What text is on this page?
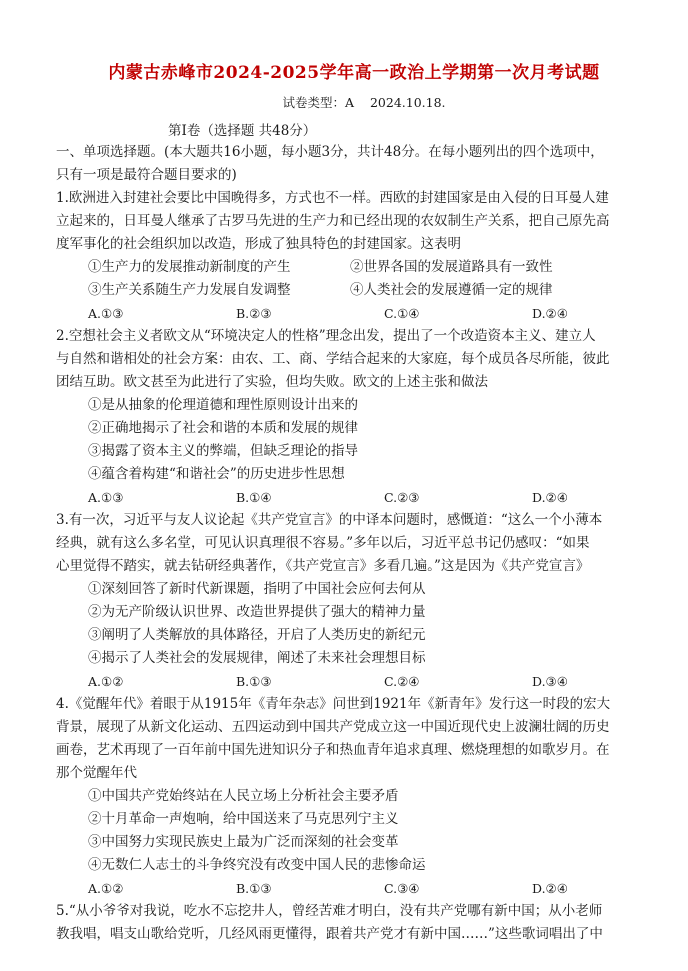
内蒙古赤峰市2024-2025学年高一政治上学期第一次月考试题
试卷类型：A 2024.10.18.
第Ⅰ卷（选择题 共48分）

一、单项选择题。(本大题共16小题，每小题3分，共计48分。在每小题列出的四个选项中，

只有一项是最符合题目要求的)

1.欧洲进入封建社会要比中国晚得多，方式也不一样。西欧的封建国家是由入侵的日耳曼人建

立起来的，日耳曼人继承了古罗马先进的生产力和已经出现的农奴制生产关系，把自己原先高

度军事化的社会组织加以改造，形成了独具特色的封建国家。这表明

①生产力的发展推动新制度的产生	②世界各国的发展道路具有一致性
③生产关系随生产力发展自发调整	④人类社会的发展遵循一定的规律
A.①③	B.②③	C.①④	D.②④

2.空想社会主义者欧文从“环境决定人的性格”理念出发，提出了一个改造资本主义、建立人

与自然和谐相处的社会方案：由农、工、商、学结合起来的大家庭，每个成员各尽所能，彼此

团结互助。欧文甚至为此进行了实验，但均失败。欧文的上述主张和做法

①是从抽象的伦理道德和理性原则设计出来的
②正确地揭示了社会和谐的本质和发展的规律
③揭露了资本主义的弊端，但缺乏理论的指导
④蕴含着构建“和谐社会”的历史进步性思想
A.①③	B.①④	C.②③	D.②④

3.有一次，习近平与友人议论起《共产党宣言》的中译本问题时，感慨道：“这么一个小薄本

经典，就有这么多名堂，可见认识真理很不容易。”多年以后，习近平总书记仍感叹：“如果

心里觉得不踏实，就去钻研经典著作，《共产党宣言》多看几遍。”这是因为《共产党宣言》

①深刻回答了新时代新课题，指明了中国社会应何去何从
②为无产阶级认识世界、改造世界提供了强大的精神力量
③阐明了人类解放的具体路径，开启了人类历史的新纪元
④揭示了人类社会的发展规律，阐述了未来社会理想目标
A.①②	B.①③	C.②④	D.③④

4.《觉醒年代》着眼于从1915年《青年杂志》问世到1921年《新青年》发行这一时段的宏大

背景，展现了从新文化运动、五四运动到中国共产党成立这一中国近现代史上波澜壮阔的历史

画卷，艺术再现了一百年前中国先进知识分子和热血青年追求真理、燃烧理想的如歌岁月。在

那个觉醒年代

①中国共产党始终站在人民立场上分析社会主要矛盾
②十月革命一声炮响，给中国送来了马克思列宁主义
③中国努力实现民族史上最为广泛而深刻的社会变革
④无数仁人志士的斗争终究没有改变中国人民的悲惨命运
A.①②	B.①③	C.③④	D.②④

5.“从小爷爷对我说，吃水不忘挖井人，曾经苦难才明白，没有共产党哪有新中国；从小老师

教我唱，唱支山歌给党听，几经风雨更懂得，跟着共产党才有新中国……”这些歌词唱出了中
